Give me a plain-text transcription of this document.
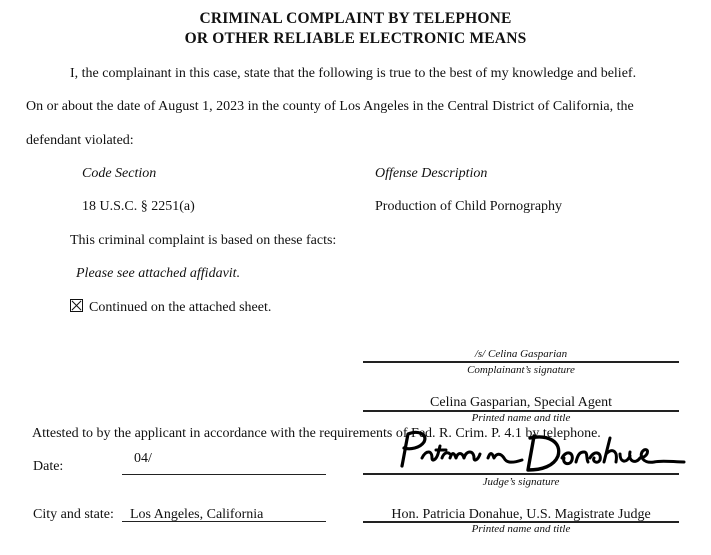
CRIMINAL COMPLAINT BY TELEPHONE
OR OTHER RELIABLE ELECTRONIC MEANS
I, the complainant in this case, state that the following is true to the best of my knowledge and belief.
On or about the date of August 1, 2023 in the county of Los Angeles in the Central District of California, the
defendant violated:
Code Section	Offense Description
18 U.S.C. § 2251(a)	Production of Child Pornography
This criminal complaint is based on these facts:
Please see attached affidavit.
Continued on the attached sheet.
/s/ Celina Gasparian
Complainant’s signature
Celina Gasparian, Special Agent
Printed name and title
Attested to by the applicant in accordance with the requirements of Fed. R. Crim. P. 4.1 by telephone.
Date:
04/
Judge’s signature
City and state: Los Angeles, California	Hon. Patricia Donahue, U.S. Magistrate Judge
Printed name and title
